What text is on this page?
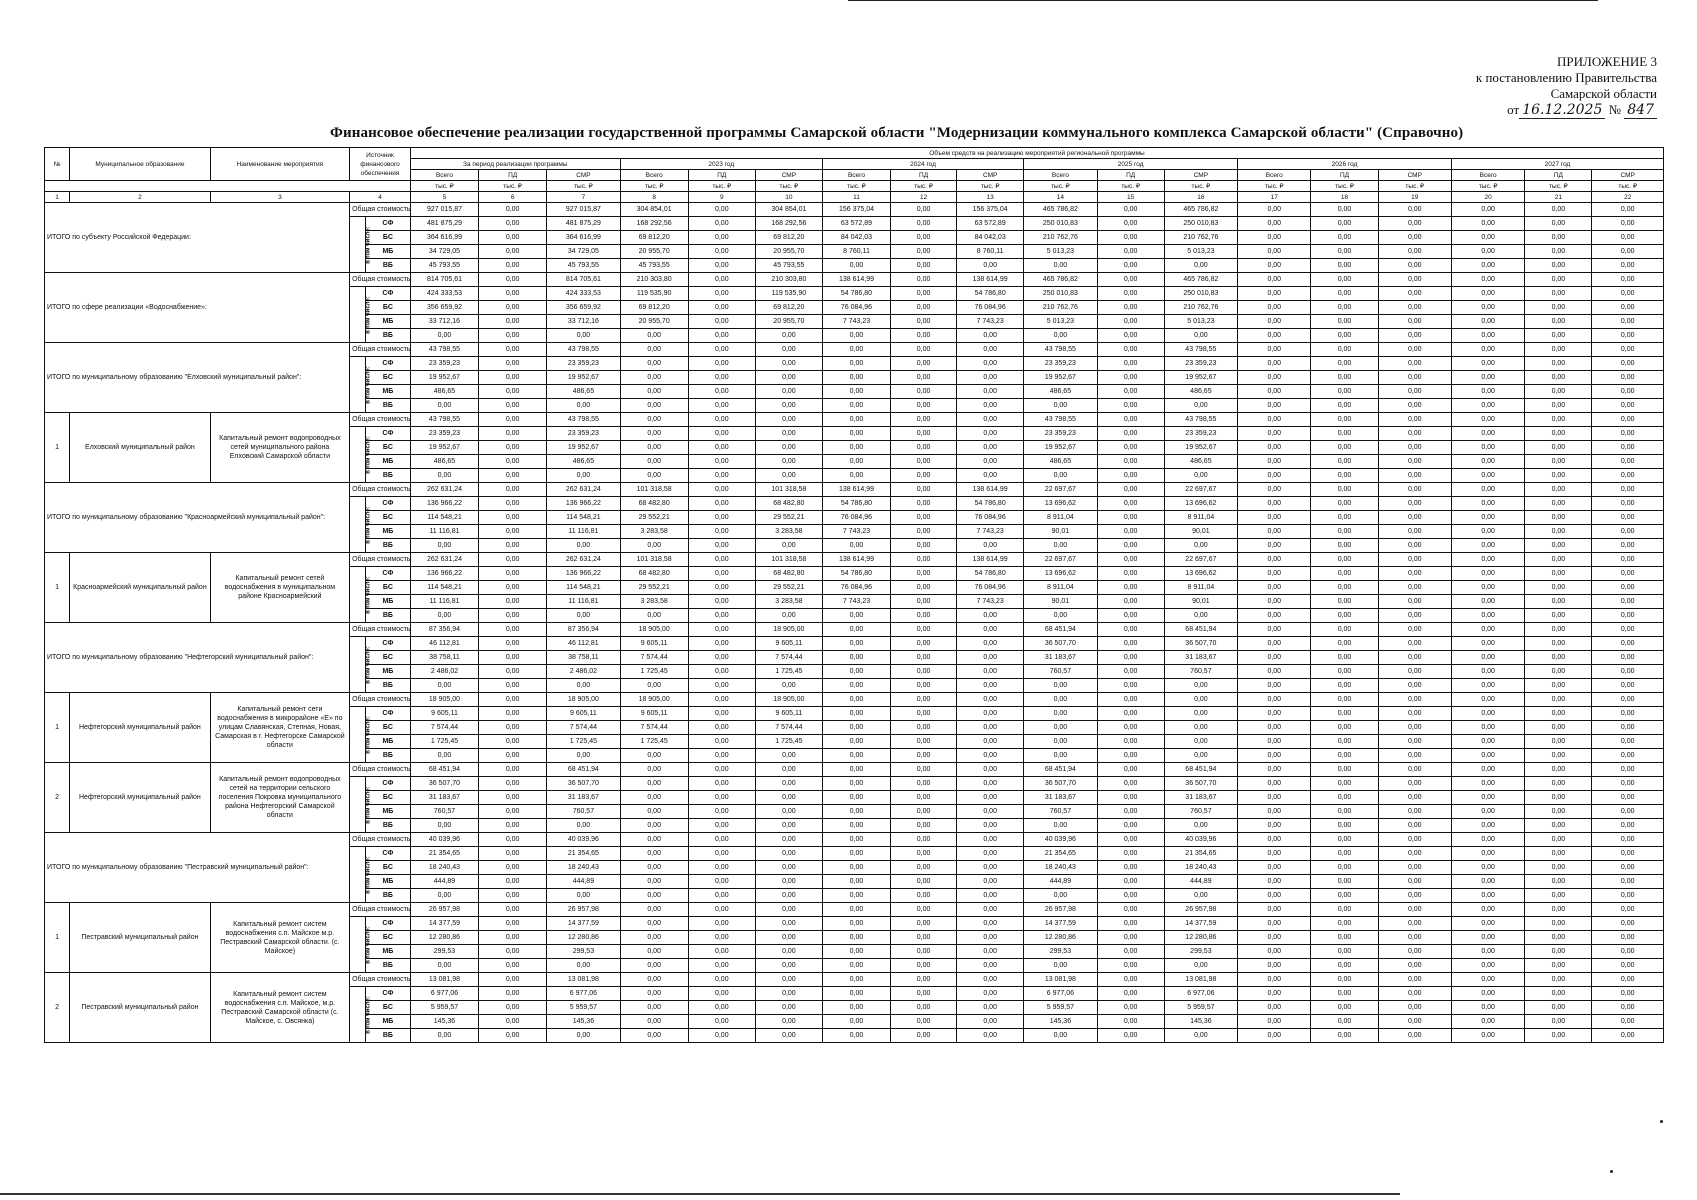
ПРИЛОЖЕНИЕ 3
к постановлению Правительства
Самарской области
от 16.12.2025 № 847
Финансовое обеспечение реализации государственной программы Самарской области "Модернизации коммунального комплекса Самарской области" (Справочно)
№	Муниципальное образование	Наименование мероприятия	Источник финансового обеспечения		Объем средств на реализацию мероприятий региональной программы																	
					За период реализации программы			2023 год			2024 год			2025 год			2026 год			2027 год		
					Всего	ПД	СМР	Всего	ПД	СМР	Всего	ПД	СМР	Всего	ПД	СМР	Всего	ПД	СМР	Всего	ПД	СМР
					тыс. ₽	тыс. ₽	тыс. ₽	тыс. ₽	тыс. ₽	тыс. ₽	тыс. ₽	тыс. ₽	тыс. ₽	тыс. ₽	тыс. ₽	тыс. ₽	тыс. ₽	тыс. ₽	тыс. ₽	тыс. ₽	тыс. ₽	тыс. ₽
1	2	3	4		5	6	7	8	9	10	11	12	13	14	15	16	17	18	19	20	21	22
ИТОГО по субъекту Российской Федерации:			Общая стоимость		927 015,87	0,00	927 015,87	304 854,01	0,00	304 854,01	156 375,04	0,00	156 375,04	465 786,82	0,00	465 786,82	0,00	0,00	0,00	0,00	0,00	0,00
			в том числе:	СФ	481 875,29	0,00	481 875,29	168 292,56	0,00	168 292,56	63 572,89	0,00	63 572,89	250 010,83	0,00	250 010,83	0,00	0,00	0,00	0,00	0,00	0,00
				БС	364 616,99	0,00	364 616,99	69 812,20	0,00	69 812,20	84 042,03	0,00	84 042,03	210 762,76	0,00	210 762,76	0,00	0,00	0,00	0,00	0,00	0,00
				МБ	34 729,05	0,00	34 729,05	20 955,70	0,00	20 955,70	8 760,11	0,00	8 760,11	5 013,23	0,00	5 013,23	0,00	0,00	0,00	0,00	0,00	0,00
				ВБ	45 793,55	0,00	45 793,55	45 793,55	0,00	45 793,55	0,00	0,00	0,00	0,00	0,00	0,00	0,00	0,00	0,00	0,00	0,00	0,00
ИТОГО по сфере реализации «Водоснабжение»:			Общая стоимость		814 705,61	0,00	814 705,61	210 303,80	0,00	210 303,80	138 614,99	0,00	138 614,99	465 786,82	0,00	465 786,82	0,00	0,00	0,00	0,00	0,00	0,00
			в том числе:	СФ	424 333,53	0,00	424 333,53	119 535,90	0,00	119 535,90	54 786,80	0,00	54 786,80	250 010,83	0,00	250 010,83	0,00	0,00	0,00	0,00	0,00	0,00
				БС	356 659,92	0,00	356 659,92	69 812,20	0,00	69 812,20	76 084,96	0,00	76 084,96	210 762,76	0,00	210 762,76	0,00	0,00	0,00	0,00	0,00	0,00
				МБ	33 712,16	0,00	33 712,16	20 955,70	0,00	20 955,70	7 743,23	0,00	7 743,23	5 013,23	0,00	5 013,23	0,00	0,00	0,00	0,00	0,00	0,00
				ВБ	0,00	0,00	0,00	0,00	0,00	0,00	0,00	0,00	0,00	0,00	0,00	0,00	0,00	0,00	0,00	0,00	0,00	0,00
ИТОГО по муниципальному образованию "Елховский муниципальный район":			Общая стоимость		43 798,55	0,00	43 798,55	0,00	0,00	0,00	0,00	0,00	0,00	43 798,55	0,00	43 798,55	0,00	0,00	0,00	0,00	0,00	0,00
			в том числе:	СФ	23 359,23	0,00	23 359,23	0,00	0,00	0,00	0,00	0,00	0,00	23 359,23	0,00	23 359,23	0,00	0,00	0,00	0,00	0,00	0,00
				БС	19 952,67	0,00	19 952,67	0,00	0,00	0,00	0,00	0,00	0,00	19 952,67	0,00	19 952,67	0,00	0,00	0,00	0,00	0,00	0,00
				МБ	486,65	0,00	486,65	0,00	0,00	0,00	0,00	0,00	0,00	486,65	0,00	486,65	0,00	0,00	0,00	0,00	0,00	0,00
				ВБ	0,00	0,00	0,00	0,00	0,00	0,00	0,00	0,00	0,00	0,00	0,00	0,00	0,00	0,00	0,00	0,00	0,00	0,00
1	Елховский муниципальный район	Капитальный ремонт водопроводных сетей муниципального района Елховский Самарской области	Общая стоимость		43 798,55	0,00	43 798,55	0,00	0,00	0,00	0,00	0,00	0,00	43 798,55	0,00	43 798,55	0,00	0,00	0,00	0,00	0,00	0,00
			в том числе:	СФ	23 359,23	0,00	23 359,23	0,00	0,00	0,00	0,00	0,00	0,00	23 359,23	0,00	23 359,23	0,00	0,00	0,00	0,00	0,00	0,00
				БС	19 952,67	0,00	19 952,67	0,00	0,00	0,00	0,00	0,00	0,00	19 952,67	0,00	19 952,67	0,00	0,00	0,00	0,00	0,00	0,00
				МБ	486,65	0,00	486,65	0,00	0,00	0,00	0,00	0,00	0,00	486,65	0,00	486,65	0,00	0,00	0,00	0,00	0,00	0,00
				ВБ	0,00	0,00	0,00	0,00	0,00	0,00	0,00	0,00	0,00	0,00	0,00	0,00	0,00	0,00	0,00	0,00	0,00	0,00
ИТОГО по муниципальному образованию "Красноармейский муниципальный район":			Общая стоимость		262 631,24	0,00	262 631,24	101 318,58	0,00	101 318,58	138 614,99	0,00	138 614,99	22 697,67	0,00	22 697,67	0,00	0,00	0,00	0,00	0,00	0,00
			в том числе:	СФ	136 966,22	0,00	136 966,22	68 482,80	0,00	68 482,80	54 786,80	0,00	54 786,80	13 696,62	0,00	13 696,62	0,00	0,00	0,00	0,00	0,00	0,00
				БС	114 548,21	0,00	114 548,21	29 552,21	0,00	29 552,21	76 084,96	0,00	76 084,96	8 911,04	0,00	8 911,04	0,00	0,00	0,00	0,00	0,00	0,00
				МБ	11 116,81	0,00	11 116,81	3 283,58	0,00	3 283,58	7 743,23	0,00	7 743,23	90,01	0,00	90,01	0,00	0,00	0,00	0,00	0,00	0,00
				ВБ	0,00	0,00	0,00	0,00	0,00	0,00	0,00	0,00	0,00	0,00	0,00	0,00	0,00	0,00	0,00	0,00	0,00	0,00
1	Красноармейский муниципальный район	Капитальный ремонт сетей водоснабжения в муниципальном районе Красноармейский	Общая стоимость		262 631,24	0,00	262 631,24	101 318,58	0,00	101 318,58	138 614,99	0,00	138 614,99	22 697,67	0,00	22 697,67	0,00	0,00	0,00	0,00	0,00	0,00
			в том числе:	СФ	136 966,22	0,00	136 966,22	68 482,80	0,00	68 482,80	54 786,80	0,00	54 786,80	13 696,62	0,00	13 696,62	0,00	0,00	0,00	0,00	0,00	0,00
				БС	114 548,21	0,00	114 548,21	29 552,21	0,00	29 552,21	76 084,96	0,00	76 084,96	8 911,04	0,00	8 911,04	0,00	0,00	0,00	0,00	0,00	0,00
				МБ	11 116,81	0,00	11 116,81	3 283,58	0,00	3 283,58	7 743,23	0,00	7 743,23	90,01	0,00	90,01	0,00	0,00	0,00	0,00	0,00	0,00
				ВБ	0,00	0,00	0,00	0,00	0,00	0,00	0,00	0,00	0,00	0,00	0,00	0,00	0,00	0,00	0,00	0,00	0,00	0,00
ИТОГО по муниципальному образованию "Нефтегорский муниципальный район":			Общая стоимость		87 356,94	0,00	87 356,94	18 905,00	0,00	18 905,00	0,00	0,00	0,00	68 451,94	0,00	68 451,94	0,00	0,00	0,00	0,00	0,00	0,00
			в том числе:	СФ	46 112,81	0,00	46 112,81	9 605,11	0,00	9 605,11	0,00	0,00	0,00	36 507,70	0,00	36 507,70	0,00	0,00	0,00	0,00	0,00	0,00
				БС	38 758,11	0,00	38 758,11	7 574,44	0,00	7 574,44	0,00	0,00	0,00	31 183,67	0,00	31 183,67	0,00	0,00	0,00	0,00	0,00	0,00
				МБ	2 486,02	0,00	2 486,02	1 725,45	0,00	1 725,45	0,00	0,00	0,00	760,57	0,00	760,57	0,00	0,00	0,00	0,00	0,00	0,00
				ВБ	0,00	0,00	0,00	0,00	0,00	0,00	0,00	0,00	0,00	0,00	0,00	0,00	0,00	0,00	0,00	0,00	0,00	0,00
1	Нефтегорский муниципальный район	Капитальный ремонт сети водоснабжения в микрорайоне «Е» по улицам Славянская, Степная, Новая, Самарская в г. Нефтегорске Самарской области	Общая стоимость		18 905,00	0,00	18 905,00	18 905,00	0,00	18 905,00	0,00	0,00	0,00	0,00	0,00	0,00	0,00	0,00	0,00	0,00	0,00	0,00
			в том числе:	СФ	9 605,11	0,00	9 605,11	9 605,11	0,00	9 605,11	0,00	0,00	0,00	0,00	0,00	0,00	0,00	0,00	0,00	0,00	0,00	0,00
				БС	7 574,44	0,00	7 574,44	7 574,44	0,00	7 574,44	0,00	0,00	0,00	0,00	0,00	0,00	0,00	0,00	0,00	0,00	0,00	0,00
				МБ	1 725,45	0,00	1 725,45	1 725,45	0,00	1 725,45	0,00	0,00	0,00	0,00	0,00	0,00	0,00	0,00	0,00	0,00	0,00	0,00
				ВБ	0,00	0,00	0,00	0,00	0,00	0,00	0,00	0,00	0,00	0,00	0,00	0,00	0,00	0,00	0,00	0,00	0,00	0,00
2	Нефтегорский муниципальный район	Капитальный ремонт водопроводных сетей на территории сельского поселения Покровка муниципального района Нефтегорский Самарской области	Общая стоимость		68 451,94	0,00	68 451,94	0,00	0,00	0,00	0,00	0,00	0,00	68 451,94	0,00	68 451,94	0,00	0,00	0,00	0,00	0,00	0,00
			в том числе:	СФ	36 507,70	0,00	36 507,70	0,00	0,00	0,00	0,00	0,00	0,00	36 507,70	0,00	36 507,70	0,00	0,00	0,00	0,00	0,00	0,00
				БС	31 183,67	0,00	31 183,67	0,00	0,00	0,00	0,00	0,00	0,00	31 183,67	0,00	31 183,67	0,00	0,00	0,00	0,00	0,00	0,00
				МБ	760,57	0,00	760,57	0,00	0,00	0,00	0,00	0,00	0,00	760,57	0,00	760,57	0,00	0,00	0,00	0,00	0,00	0,00
				ВБ	0,00	0,00	0,00	0,00	0,00	0,00	0,00	0,00	0,00	0,00	0,00	0,00	0,00	0,00	0,00	0,00	0,00	0,00
ИТОГО по муниципальному образованию "Пестравский муниципальный район":			Общая стоимость		40 039,96	0,00	40 039,96	0,00	0,00	0,00	0,00	0,00	0,00	40 039,96	0,00	40 039,96	0,00	0,00	0,00	0,00	0,00	0,00
			в том числе:	СФ	21 354,65	0,00	21 354,65	0,00	0,00	0,00	0,00	0,00	0,00	21 354,65	0,00	21 354,65	0,00	0,00	0,00	0,00	0,00	0,00
				БС	18 240,43	0,00	18 240,43	0,00	0,00	0,00	0,00	0,00	0,00	18 240,43	0,00	18 240,43	0,00	0,00	0,00	0,00	0,00	0,00
				МБ	444,89	0,00	444,89	0,00	0,00	0,00	0,00	0,00	0,00	444,89	0,00	444,89	0,00	0,00	0,00	0,00	0,00	0,00
				ВБ	0,00	0,00	0,00	0,00	0,00	0,00	0,00	0,00	0,00	0,00	0,00	0,00	0,00	0,00	0,00	0,00	0,00	0,00
1	Пестравский муниципальный район	Капитальный ремонт систем водоснабжения с.п. Майское м.р. Пестравский Самарской области. (с. Майское)	Общая стоимость		26 957,98	0,00	26 957,98	0,00	0,00	0,00	0,00	0,00	0,00	26 957,98	0,00	26 957,98	0,00	0,00	0,00	0,00	0,00	0,00
			в том числе:	СФ	14 377,59	0,00	14 377,59	0,00	0,00	0,00	0,00	0,00	0,00	14 377,59	0,00	14 377,59	0,00	0,00	0,00	0,00	0,00	0,00
				БС	12 280,86	0,00	12 280,86	0,00	0,00	0,00	0,00	0,00	0,00	12 280,86	0,00	12 280,86	0,00	0,00	0,00	0,00	0,00	0,00
				МБ	299,53	0,00	299,53	0,00	0,00	0,00	0,00	0,00	0,00	299,53	0,00	299,53	0,00	0,00	0,00	0,00	0,00	0,00
				ВБ	0,00	0,00	0,00	0,00	0,00	0,00	0,00	0,00	0,00	0,00	0,00	0,00	0,00	0,00	0,00	0,00	0,00	0,00
2	Пестравский муниципальный район	Капитальный ремонт систем водоснабжения с.п. Майское, м.р. Пестравский Самарской области (с. Майское, с. Овсянка)	Общая стоимость		13 081,98	0,00	13 081,98	0,00	0,00	0,00	0,00	0,00	0,00	13 081,98	0,00	13 081,98	0,00	0,00	0,00	0,00	0,00	0,00
			в том числе:	СФ	6 977,06	0,00	6 977,06	0,00	0,00	0,00	0,00	0,00	0,00	6 977,06	0,00	6 977,06	0,00	0,00	0,00	0,00	0,00	0,00
				БС	5 959,57	0,00	5 959,57	0,00	0,00	0,00	0,00	0,00	0,00	5 959,57	0,00	5 959,57	0,00	0,00	0,00	0,00	0,00	0,00
				МБ	145,36	0,00	145,36	0,00	0,00	0,00	0,00	0,00	0,00	145,36	0,00	145,36	0,00	0,00	0,00	0,00	0,00	0,00
				ВБ	0,00	0,00	0,00	0,00	0,00	0,00	0,00	0,00	0,00	0,00	0,00	0,00	0,00	0,00	0,00	0,00	0,00	0,00
